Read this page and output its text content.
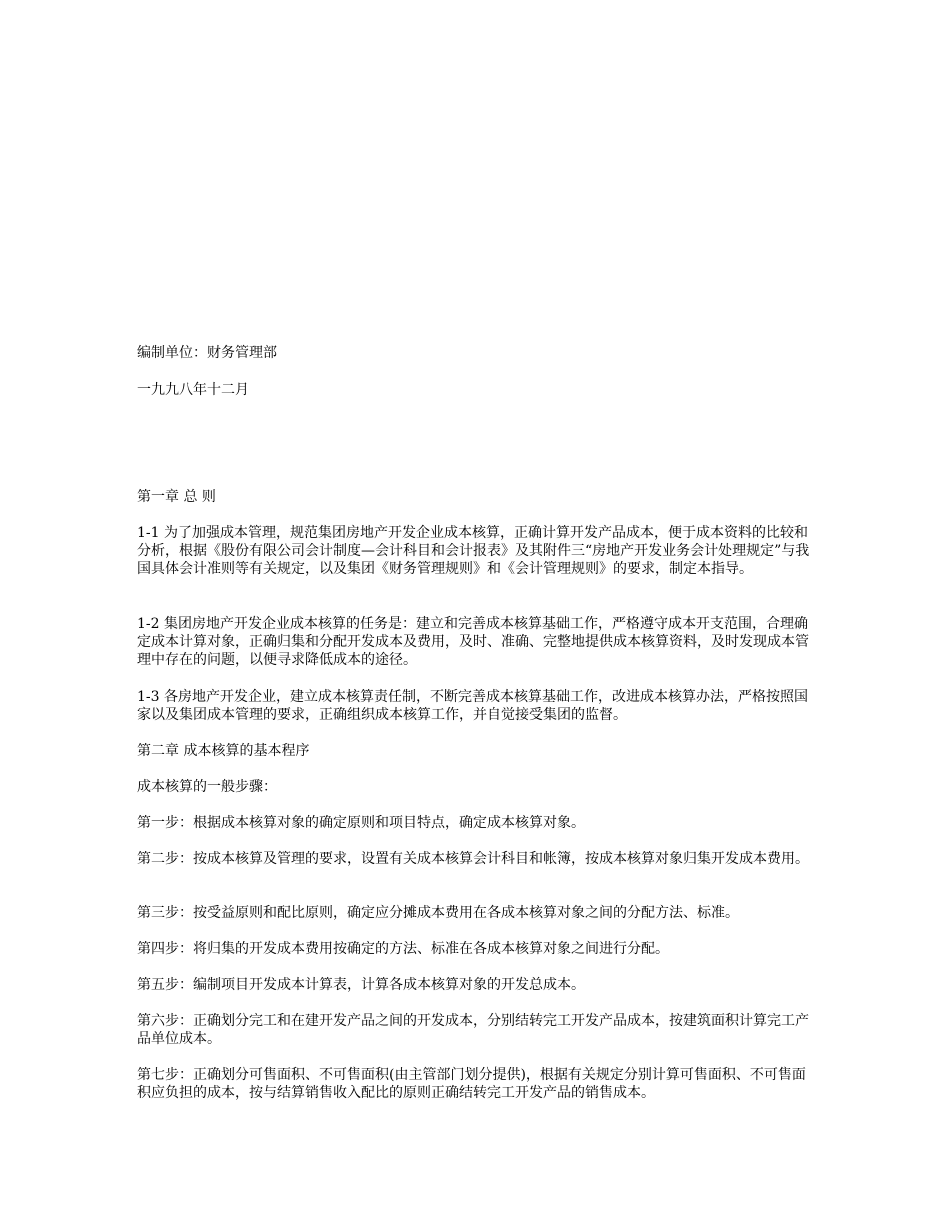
编制单位：财务管理部

一九九八年十二月

第一章 总 则

1-1 为了加强成本管理，规范集团房地产开发企业成本核算，正确计算开发产品成本，便于成本资料的比较和分析，根据《股份有限公司会计制度—会计科目和会计报表》及其附件三“房地产开发业务会计处理规定”与我国具体会计准则等有关规定，以及集团《财务管理规则》和《会计管理规则》的要求，制定本指导。

1-2 集团房地产开发企业成本核算的任务是：建立和完善成本核算基础工作，严格遵守成本开支范围，合理确定成本计算对象，正确归集和分配开发成本及费用，及时、准确、完整地提供成本核算资料，及时发现成本管理中存在的问题，以便寻求降低成本的途径。

1-3 各房地产开发企业，建立成本核算责任制，不断完善成本核算基础工作，改进成本核算办法，严格按照国家以及集团成本管理的要求，正确组织成本核算工作，并自觉接受集团的监督。

第二章 成本核算的基本程序

成本核算的一般步骤：

第一步：根据成本核算对象的确定原则和项目特点，确定成本核算对象。

第二步：按成本核算及管理的要求，设置有关成本核算会计科目和帐簿，按成本核算对象归集开发成本费用。

第三步：按受益原则和配比原则，确定应分摊成本费用在各成本核算对象之间的分配方法、标准。

第四步：将归集的开发成本费用按确定的方法、标准在各成本核算对象之间进行分配。

第五步：编制项目开发成本计算表，计算各成本核算对象的开发总成本。

第六步：正确划分完工和在建开发产品之间的开发成本，分别结转完工开发产品成本，按建筑面积计算完工产品单位成本。

第七步：正确划分可售面积、不可售面积(由主管部门划分提供)，根据有关规定分别计算可售面积、不可售面积应负担的成本，按与结算销售收入配比的原则正确结转完工开发产品的销售成本。
